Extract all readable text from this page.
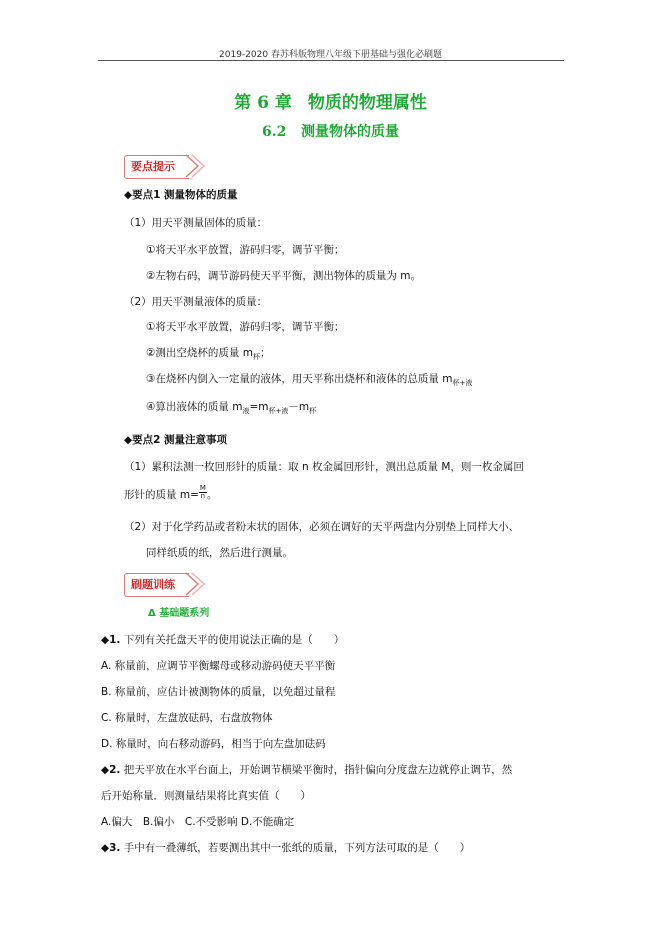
2019-2020 春苏科版物理八年级下册基础与强化必刷题
第 6 章 物质的物理属性
6.2 测量物体的质量
要点提示
◆要点1 测量物体的质量
（1）用天平测量固体的质量：
①将天平水平放置，游码归零，调节平衡；
②左物右码，调节游码使天平平衡，测出物体的质量为 m。
（2）用天平测量液体的质量：
①将天平水平放置，游码归零，调节平衡；
②测出空烧杯的质量 $m_杯$；
③在烧杯内倒入一定量的液体，用天平称出烧杯和液体的总质量 $m_{杯+液}$
④算出液体的质量 $m_液=m_{杯+液}-m_杯$
◆要点2 测量注意事项
（1）累积法测一枚回形针的质量：取 n 枚金属回形针，测出总质量 M，则一枚金属回
形针的质量 $m= \frac{M}{n}$ 。
（2）对于化学药品或者粉末状的固体，必须在调好的天平两盘内分别垫上同样大小、
同样纸质的纸，然后进行测量。
刷题训练
Δ 基础题系列
◆1. 下列有关托盘天平的使用说法正确的是（　　）
A. 称量前，应调节平衡螺母或移动游码使天平平衡
B. 称量前，应估计被测物体的质量，以免超过量程
C. 称量时，左盘放砝码，右盘放物体
D. 称量时，向右移动游码，相当于向左盘加砝码
◆2. 把天平放在水平台面上，开始调节横梁平衡时，指针偏向分度盘左边就停止调节，然
后开始称量．则测量结果将比真实值（　　）
A.偏大　B.偏小　C.不受影响 D.不能确定
◆3. 手中有一叠薄纸，若要测出其中一张纸的质量，下列方法可取的是（　　）
